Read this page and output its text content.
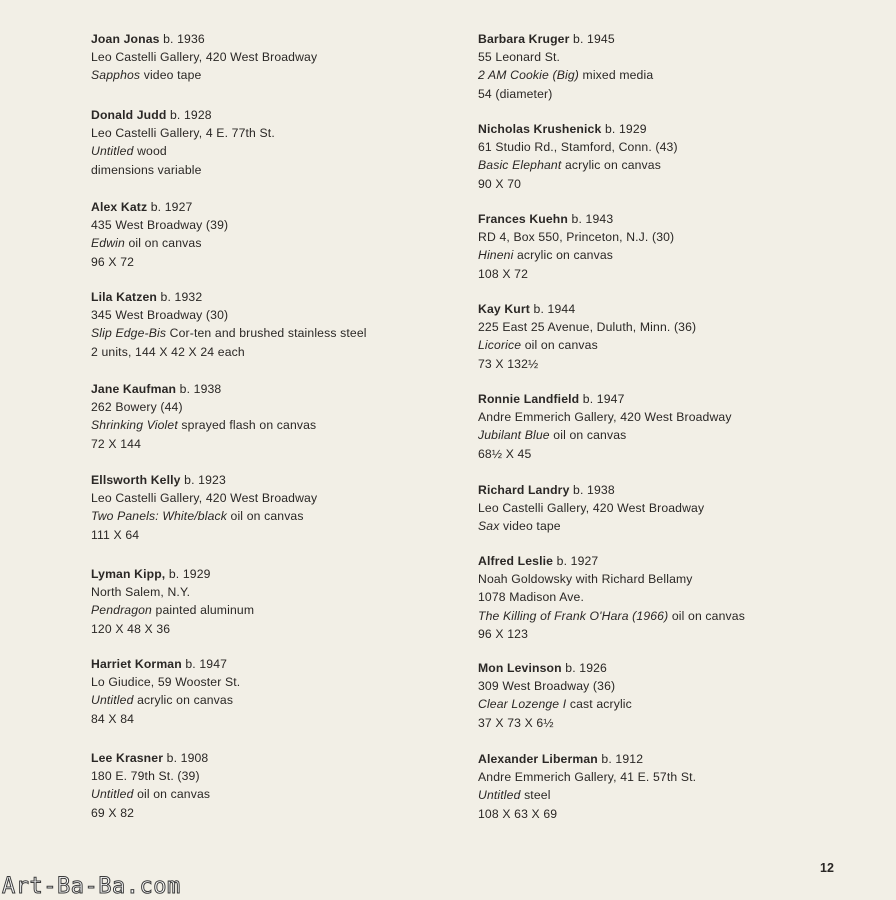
Joan Jonas b. 1936
Leo Castelli Gallery, 420 West Broadway
Sapphos video tape
Donald Judd b. 1928
Leo Castelli Gallery, 4 E. 77th St.
Untitled wood
dimensions variable
Alex Katz b. 1927
435 West Broadway (39)
Edwin oil on canvas
96 X 72
Lila Katzen b. 1932
345 West Broadway (30)
Slip Edge-Bis Cor-ten and brushed stainless steel
2 units, 144 X 42 X 24 each
Jane Kaufman b. 1938
262 Bowery (44)
Shrinking Violet sprayed flash on canvas
72 X 144
Ellsworth Kelly b. 1923
Leo Castelli Gallery, 420 West Broadway
Two Panels: White/black oil on canvas
111 X 64
Lyman Kipp, b. 1929
North Salem, N.Y.
Pendragon painted aluminum
120 X 48 X 36
Harriet Korman b. 1947
Lo Giudice, 59 Wooster St.
Untitled acrylic on canvas
84 X 84
Lee Krasner b. 1908
180 E. 79th St. (39)
Untitled oil on canvas
69 X 82
Barbara Kruger b. 1945
55 Leonard St.
2 AM Cookie (Big) mixed media
54 (diameter)
Nicholas Krushenick b. 1929
61 Studio Rd., Stamford, Conn. (43)
Basic Elephant acrylic on canvas
90 X 70
Frances Kuehn b. 1943
RD 4, Box 550, Princeton, N.J. (30)
Hineni acrylic on canvas
108 X 72
Kay Kurt b. 1944
225 East 25 Avenue, Duluth, Minn. (36)
Licorice oil on canvas
73 X 132½
Ronnie Landfield b. 1947
Andre Emmerich Gallery, 420 West Broadway
Jubilant Blue oil on canvas
68½ X 45
Richard Landry b. 1938
Leo Castelli Gallery, 420 West Broadway
Sax video tape
Alfred Leslie b. 1927
Noah Goldowsky with Richard Bellamy
1078 Madison Ave.
The Killing of Frank O'Hara (1966) oil on canvas
96 X 123
Mon Levinson b. 1926
309 West Broadway (36)
Clear Lozenge I cast acrylic
37 X 73 X 6½
Alexander Liberman b. 1912
Andre Emmerich Gallery, 41 E. 57th St.
Untitled steel
108 X 63 X 69
12
Art-Ba-Ba.com
